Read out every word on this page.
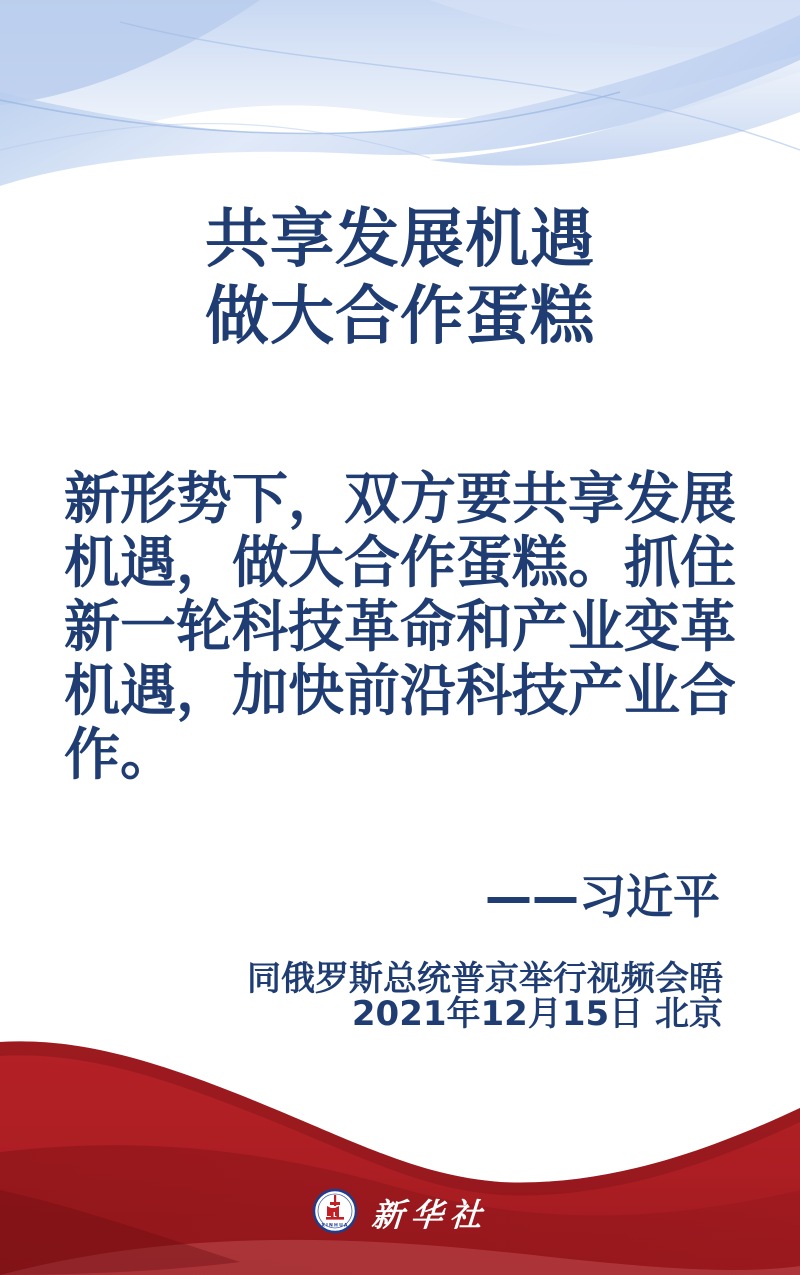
共享发展机遇
做大合作蛋糕
新形势下，双方要共享发展
机遇，做大合作蛋糕。抓住
新一轮科技革命和产业变革
机遇，加快前沿科技产业合
作。
——习近平
同俄罗斯总统普京举行视频会晤
2021年12月15日 北京
XINHUA 新华社
